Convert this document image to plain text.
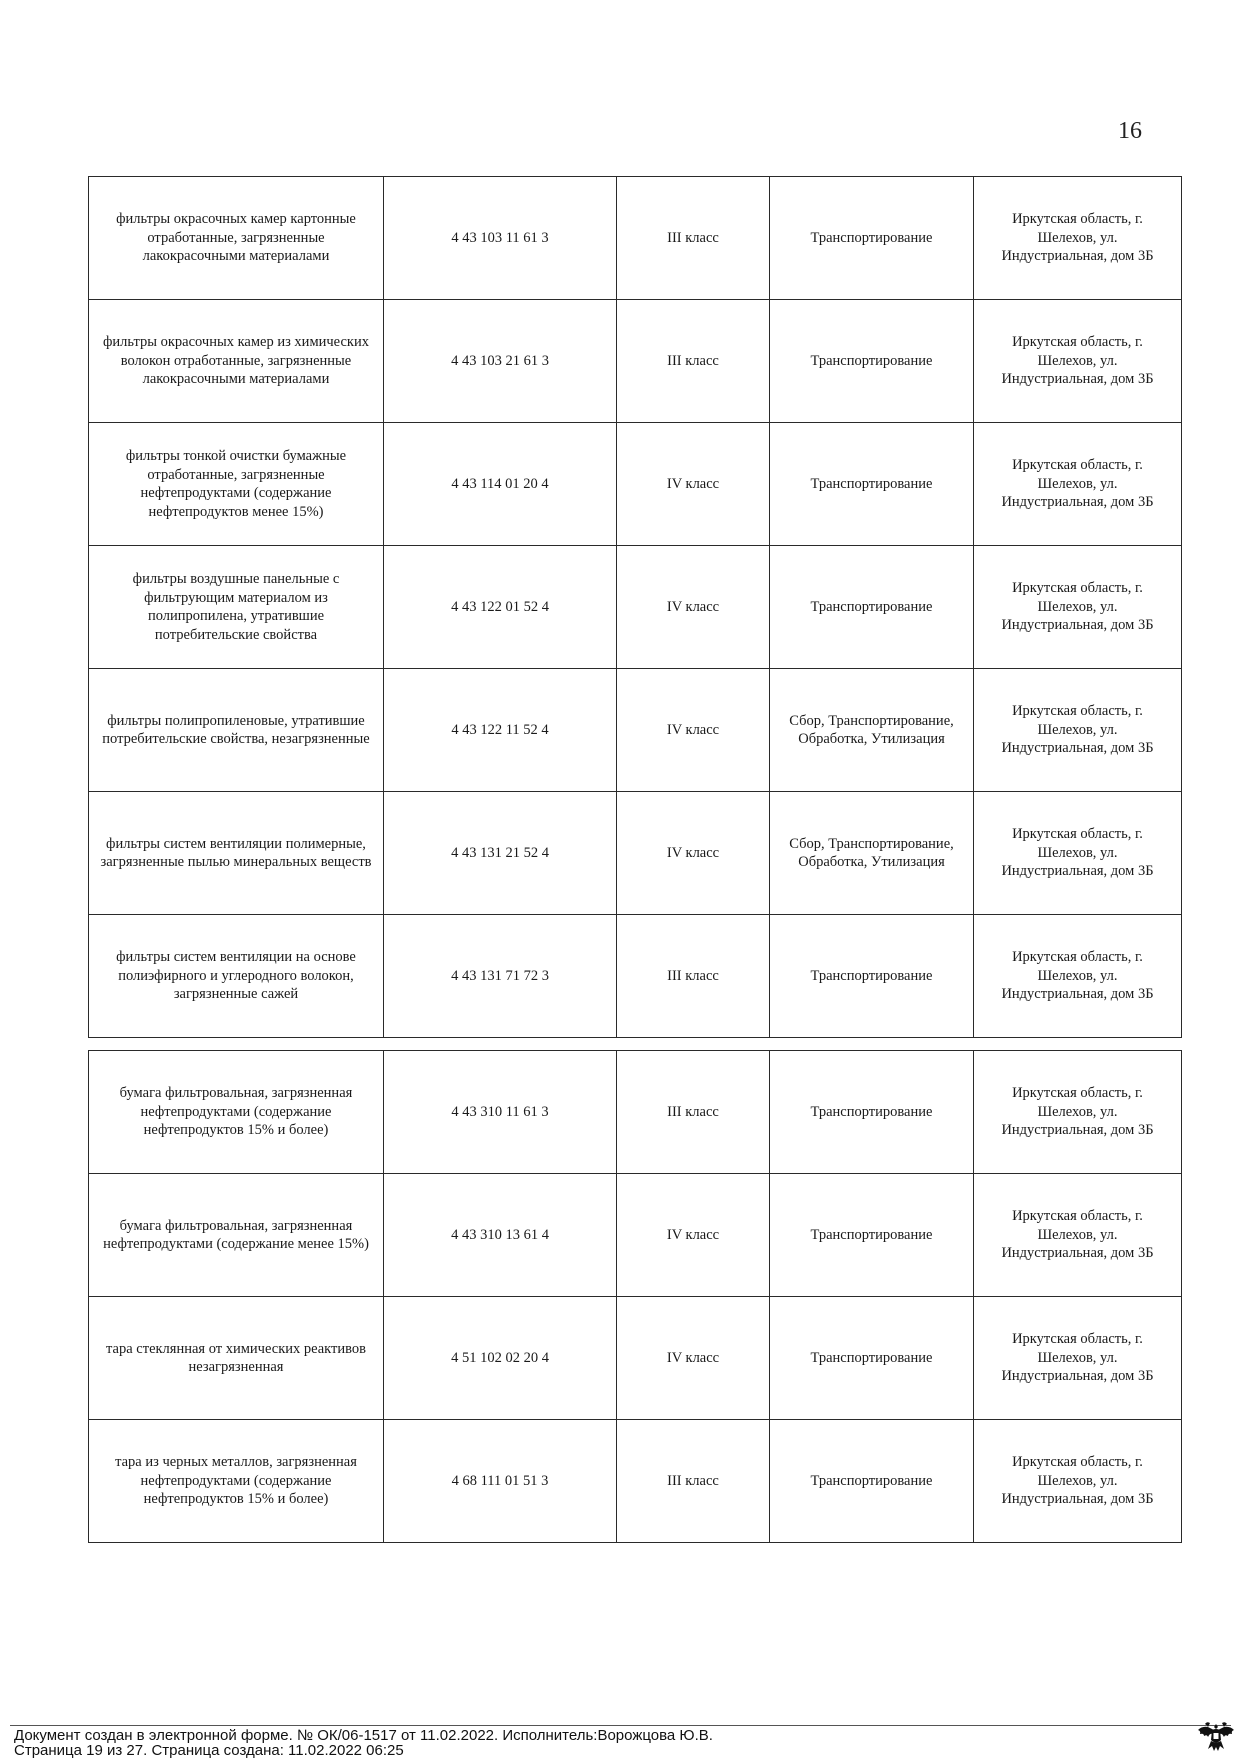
16
фильтры окрасочных камер картонные отработанные, загрязненные лакокрасочными материалами	4 43 103 11 61 3	III класс	Транспортирование	Иркутская область, г. Шелехов, ул. Индустриальная, дом 3Б
фильтры окрасочных камер из химических волокон отработанные, загрязненные лакокрасочными материалами	4 43 103 21 61 3	III класс	Транспортирование	Иркутская область, г. Шелехов, ул. Индустриальная, дом 3Б
фильтры тонкой очистки бумажные отработанные, загрязненные нефтепродуктами (содержание нефтепродуктов менее 15%)	4 43 114 01 20 4	IV класс	Транспортирование	Иркутская область, г. Шелехов, ул. Индустриальная, дом 3Б
фильтры воздушные панельные с фильтрующим материалом из полипропилена, утратившие потребительские свойства	4 43 122 01 52 4	IV класс	Транспортирование	Иркутская область, г. Шелехов, ул. Индустриальная, дом 3Б
фильтры полипропиленовые, утратившие потребительские свойства, незагрязненные	4 43 122 11 52 4	IV класс	Сбор, Транспортирование, Обработка, Утилизация	Иркутская область, г. Шелехов, ул. Индустриальная, дом 3Б
фильтры систем вентиляции полимерные, загрязненные пылью минеральных веществ	4 43 131 21 52 4	IV класс	Сбор, Транспортирование, Обработка, Утилизация	Иркутская область, г. Шелехов, ул. Индустриальная, дом 3Б
фильтры систем вентиляции на основе полиэфирного и углеродного волокон, загрязненные сажей	4 43 131 71 72 3	III класс	Транспортирование	Иркутская область, г. Шелехов, ул. Индустриальная, дом 3Б
бумага фильтровальная, загрязненная нефтепродуктами (содержание нефтепродуктов 15% и более)	4 43 310 11 61 3	III класс	Транспортирование	Иркутская область, г. Шелехов, ул. Индустриальная, дом 3Б
бумага фильтровальная, загрязненная нефтепродуктами (содержание менее 15%)	4 43 310 13 61 4	IV класс	Транспортирование	Иркутская область, г. Шелехов, ул. Индустриальная, дом 3Б
тара стеклянная от химических реактивов незагрязненная	4 51 102 02 20 4	IV класс	Транспортирование	Иркутская область, г. Шелехов, ул. Индустриальная, дом 3Б
тара из черных металлов, загрязненная нефтепродуктами (содержание нефтепродуктов 15% и более)	4 68 111 01 51 3	III класс	Транспортирование	Иркутская область, г. Шелехов, ул. Индустриальная, дом 3Б
Документ создан в электронной форме. № ОК/06-1517 от 11.02.2022. Исполнитель:Ворожцова Ю.В.
Страница 19 из 27. Страница создана: 11.02.2022 06:25
